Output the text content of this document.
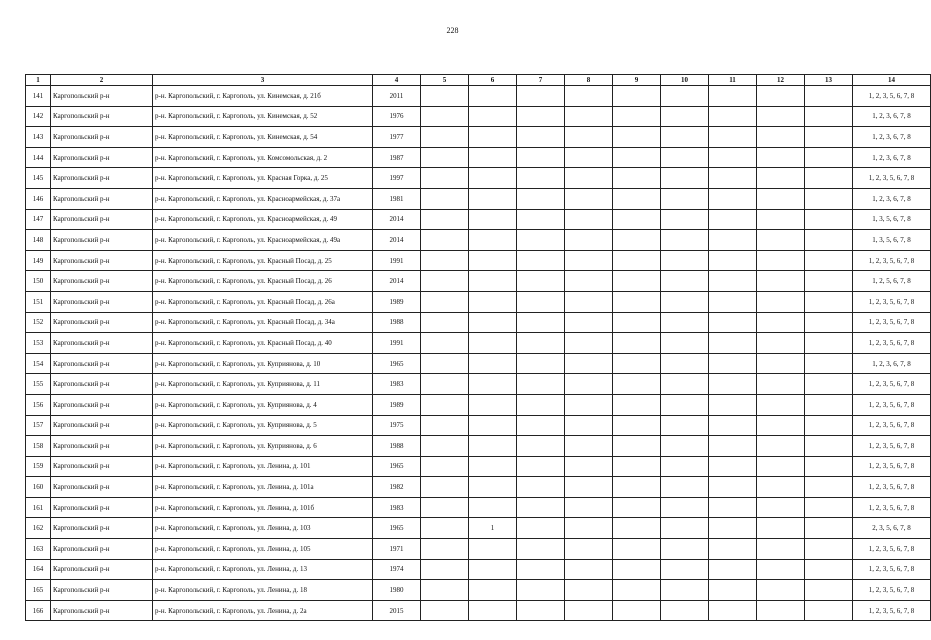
228
1	2	3	4	5	6	7	8	9	10	11	12	13	14
141	Каргопольский р-н	р-н. Каргопольский, г. Каргополь, ул. Кинемская, д. 21б	2011										1, 2, 3, 5, 6, 7, 8
142	Каргопольский р-н	р-н. Каргопольский, г. Каргополь, ул. Кинемская, д. 52	1976										1, 2, 3, 6, 7, 8
143	Каргопольский р-н	р-н. Каргопольский, г. Каргополь, ул. Кинемская, д. 54	1977										1, 2, 3, 6, 7, 8
144	Каргопольский р-н	р-н. Каргопольский, г. Каргополь, ул. Комсомольская, д. 2	1987										1, 2, 3, 6, 7, 8
145	Каргопольский р-н	р-н. Каргопольский, г. Каргополь, ул. Красная Горка, д. 25	1997										1, 2, 3, 5, 6, 7, 8
146	Каргопольский р-н	р-н. Каргопольский, г. Каргополь, ул. Красноармейская, д. 37а	1981										1, 2, 3, 6, 7, 8
147	Каргопольский р-н	р-н. Каргопольский, г. Каргополь, ул. Красноармейская, д. 49	2014										1, 3, 5, 6, 7, 8
148	Каргопольский р-н	р-н. Каргопольский, г. Каргополь, ул. Красноармейская, д. 49а	2014										1, 3, 5, 6, 7, 8
149	Каргопольский р-н	р-н. Каргопольский, г. Каргополь, ул. Красный Посад, д. 25	1991										1, 2, 3, 5, 6, 7, 8
150	Каргопольский р-н	р-н. Каргопольский, г. Каргополь, ул. Красный Посад, д. 26	2014										1, 2, 5, 6, 7, 8
151	Каргопольский р-н	р-н. Каргопольский, г. Каргополь, ул. Красный Посад, д. 26а	1989										1, 2, 3, 5, 6, 7, 8
152	Каргопольский р-н	р-н. Каргопольский, г. Каргополь, ул. Красный Посад, д. 34а	1988										1, 2, 3, 5, 6, 7, 8
153	Каргопольский р-н	р-н. Каргопольский, г. Каргополь, ул. Красный Посад, д. 40	1991										1, 2, 3, 5, 6, 7, 8
154	Каргопольский р-н	р-н. Каргопольский, г. Каргополь, ул. Куприянова, д. 10	1965										1, 2, 3, 6, 7, 8
155	Каргопольский р-н	р-н. Каргопольский, г. Каргополь, ул. Куприянова, д. 11	1983										1, 2, 3, 5, 6, 7, 8
156	Каргопольский р-н	р-н. Каргопольский, г. Каргополь, ул. Куприянова, д. 4	1989										1, 2, 3, 5, 6, 7, 8
157	Каргопольский р-н	р-н. Каргопольский, г. Каргополь, ул. Куприянова, д. 5	1975										1, 2, 3, 5, 6, 7, 8
158	Каргопольский р-н	р-н. Каргопольский, г. Каргополь, ул. Куприянова, д. 6	1988										1, 2, 3, 5, 6, 7, 8
159	Каргопольский р-н	р-н. Каргопольский, г. Каргополь, ул. Ленина, д. 101	1965										1, 2, 3, 5, 6, 7, 8
160	Каргопольский р-н	р-н. Каргопольский, г. Каргополь, ул. Ленина, д. 101а	1982										1, 2, 3, 5, 6, 7, 8
161	Каргопольский р-н	р-н. Каргопольский, г. Каргополь, ул. Ленина, д. 101б	1983										1, 2, 3, 5, 6, 7, 8
162	Каргопольский р-н	р-н. Каргопольский, г. Каргополь, ул. Ленина, д. 103	1965		1								2, 3, 5, 6, 7, 8
163	Каргопольский р-н	р-н. Каргопольский, г. Каргополь, ул. Ленина, д. 105	1971										1, 2, 3, 5, 6, 7, 8
164	Каргопольский р-н	р-н. Каргопольский, г. Каргополь, ул. Ленина, д. 13	1974										1, 2, 3, 5, 6, 7, 8
165	Каргопольский р-н	р-н. Каргопольский, г. Каргополь, ул. Ленина, д. 18	1980										1, 2, 3, 5, 6, 7, 8
166	Каргопольский р-н	р-н. Каргопольский, г. Каргополь, ул. Ленина, д. 2а	2015										1, 2, 3, 5, 6, 7, 8
